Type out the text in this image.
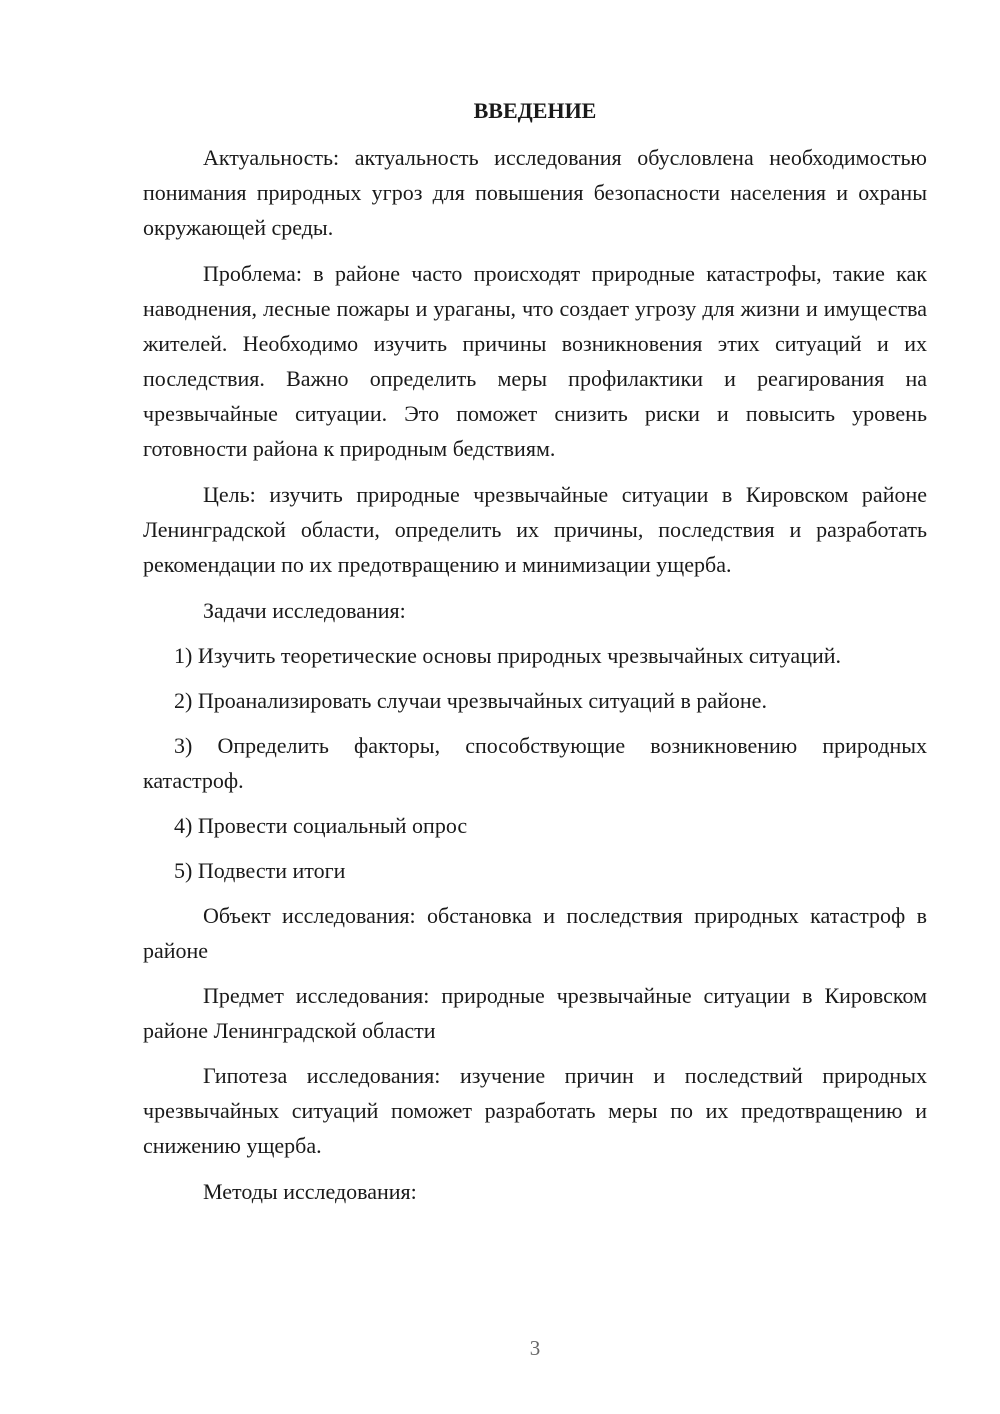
ВВЕДЕНИЕ

Актуальность: актуальность исследования обусловлена необходимостью понимания природных угроз для повышения безопасности населения и охраны окружающей среды.

Проблема: в районе часто происходят природные катастрофы, такие как наводнения, лесные пожары и ураганы, что создает угрозу для жизни и имущества жителей. Необходимо изучить причины возникновения этих ситуаций и их последствия. Важно определить меры профилактики и реагирования на чрезвычайные ситуации. Это поможет снизить риски и повысить уровень готовности района к природным бедствиям.

Цель: изучить природные чрезвычайные ситуации в Кировском районе Ленинградской области, определить их причины, последствия и разработать рекомендации по их предотвращению и минимизации ущерба.

Задачи исследования:

1) Изучить теоретические основы природных чрезвычайных ситуаций.

2) Проанализировать случаи чрезвычайных ситуаций в районе.

3) Определить факторы, способствующие возникновению природных катастроф.

4) Провести социальный опрос

5) Подвести итоги

Объект исследования: обстановка и последствия природных катастроф в районе

Предмет исследования: природные чрезвычайные ситуации в Кировском районе Ленинградской области

Гипотеза исследования: изучение причин и последствий природных чрезвычайных ситуаций поможет разработать меры по их предотвращению и снижению ущерба.

Методы исследования:

3
